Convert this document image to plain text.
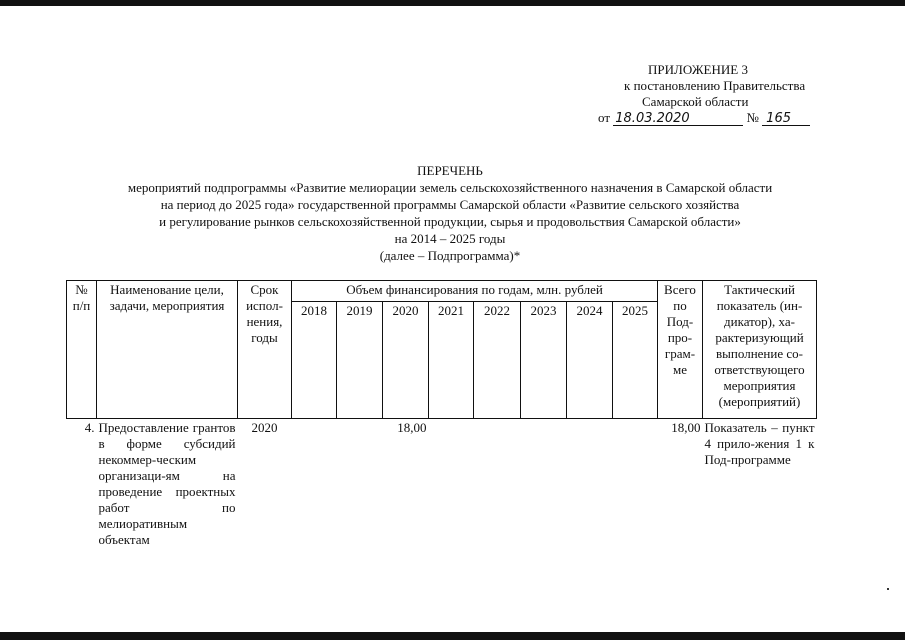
ПРИЛОЖЕНИЕ 3
к постановлению Правительства
Самарской области
от 18.03.2020	№ 165
ПЕРЕЧЕНЬ
мероприятий подпрограммы «Развитие мелиорации земель сельскохозяйственного назначения в Самарской области
на период до 2025 года» государственной программы Самарской области «Развитие сельского хозяйства
и регулирование рынков сельскохозяйственной продукции, сырья и продовольствия Самарской области»
на 2014 – 2025 годы
(далее – Подпрограмма)*
№ п/п	Наименование цели, задачи, мероприятия	Срок испол-нения, годы	Объем финансирования по годам, млн. рублей								Всего по Под-про-грам-ме	Тактический показатель (ин-дикатор), ха-рактеризующий выполнение со-ответствующего мероприятия (мероприятий)
			2018	2019	2020	2021	2022	2023	2024	2025		
4.	Предоставление грантов в форме субсидий некоммер-ческим организаци-ям на проведение проектных работ по мелиоративным объектам	2020			18,00						18,00	Показатель – пункт 4 прило-жения 1 к Под-программе
